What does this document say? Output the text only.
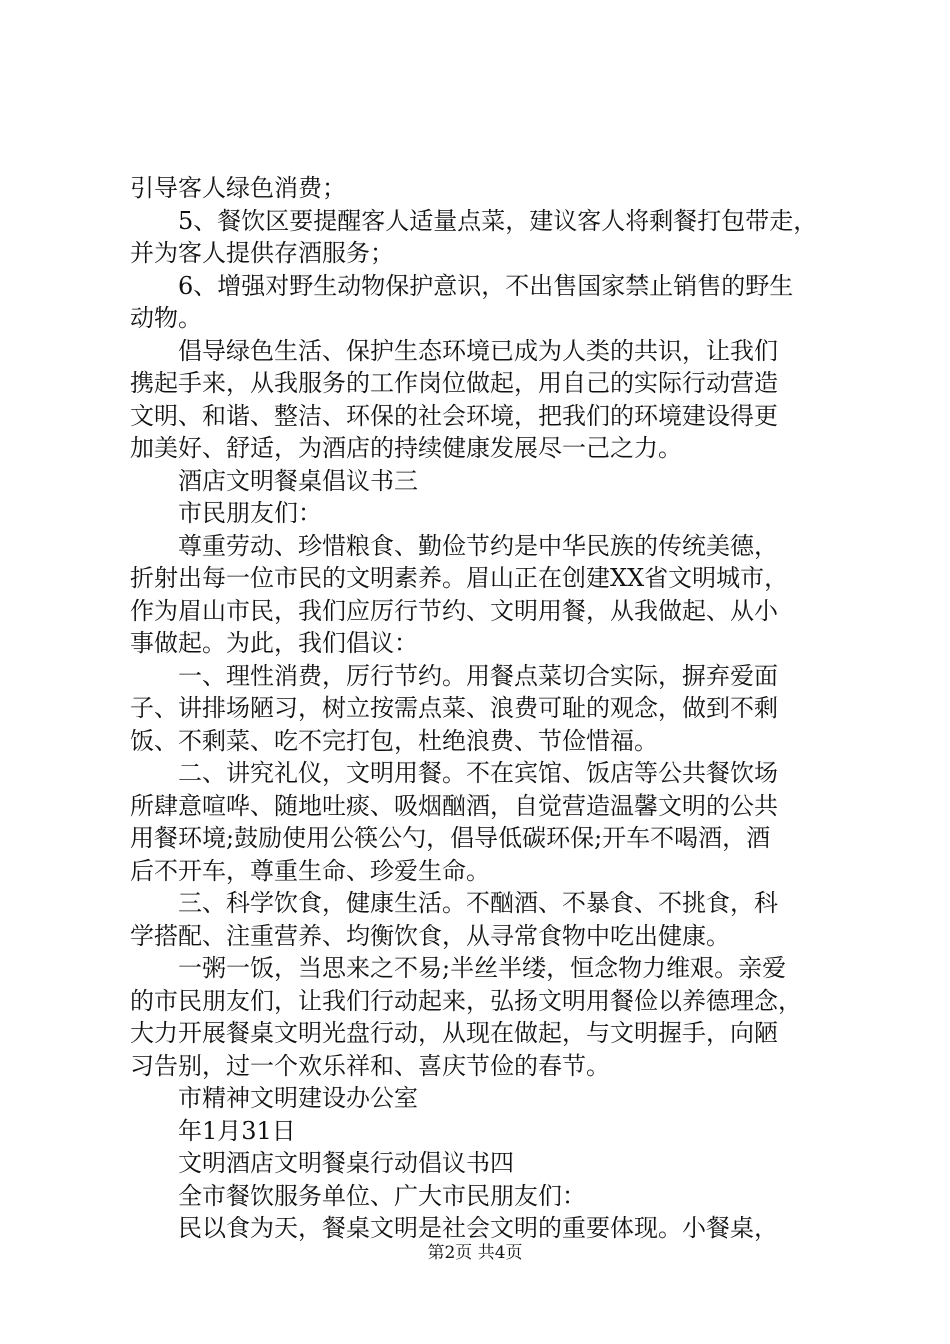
引导客人绿色消费；
5、餐饮区要提醒客人适量点菜，建议客人将剩餐打包带走，
并为客人提供存酒服务；
6、增强对野生动物保护意识，不出售国家禁止销售的野生
动物。
倡导绿色生活、保护生态环境已成为人类的共识，让我们
携起手来，从我服务的工作岗位做起，用自己的实际行动营造
文明、和谐、整洁、环保的社会环境，把我们的环境建设得更
加美好、舒适，为酒店的持续健康发展尽一己之力。
酒店文明餐桌倡议书三
市民朋友们：
尊重劳动、珍惜粮食、勤俭节约是中华民族的传统美德，
折射出每一位市民的文明素养。眉山正在创建XX省文明城市，
作为眉山市民，我们应厉行节约、文明用餐，从我做起、从小
事做起。为此，我们倡议：
一、理性消费，厉行节约。用餐点菜切合实际，摒弃爱面
子、讲排场陋习，树立按需点菜、浪费可耻的观念，做到不剩
饭、不剩菜、吃不完打包，杜绝浪费、节俭惜福。
二、讲究礼仪，文明用餐。不在宾馆、饭店等公共餐饮场
所肆意喧哗、随地吐痰、吸烟酗酒，自觉营造温馨文明的公共
用餐环境;鼓励使用公筷公勺，倡导低碳环保;开车不喝酒，酒
后不开车，尊重生命、珍爱生命。
三、科学饮食，健康生活。不酗酒、不暴食、不挑食，科
学搭配、注重营养、均衡饮食，从寻常食物中吃出健康。
一粥一饭，当思来之不易;半丝半缕，恒念物力维艰。亲爱
的市民朋友们，让我们行动起来，弘扬文明用餐俭以养德理念，
大力开展餐桌文明光盘行动，从现在做起，与文明握手，向陋
习告别，过一个欢乐祥和、喜庆节俭的春节。
市精神文明建设办公室
年1月31日
文明酒店文明餐桌行动倡议书四
全市餐饮服务单位、广大市民朋友们：
民以食为天，餐桌文明是社会文明的重要体现。小餐桌，
第2页 共4页
